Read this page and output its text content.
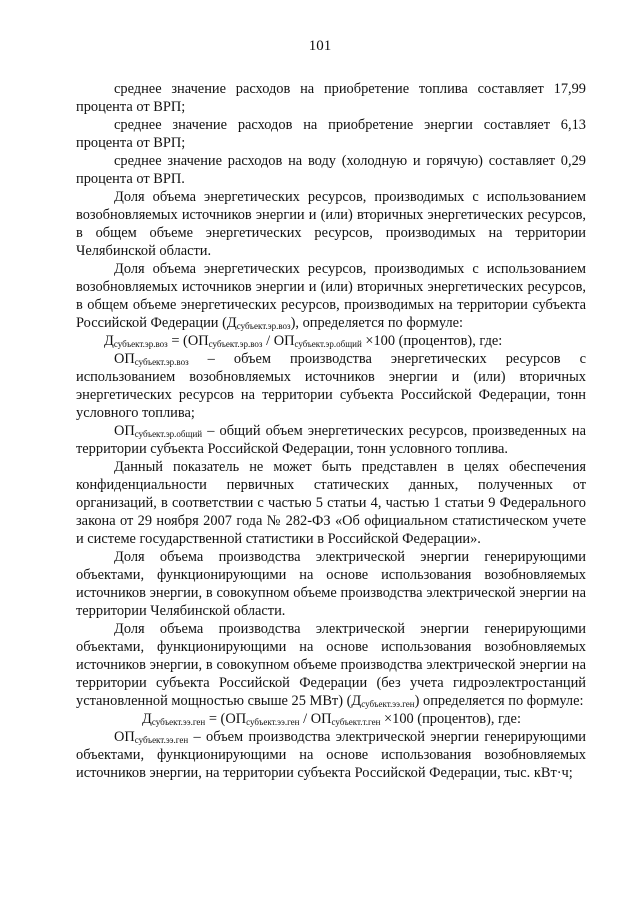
101

среднее значение расходов на приобретение топлива составляет 17,99 процента от ВРП;

среднее значение расходов на приобретение энергии составляет 6,13 процента от ВРП;

среднее значение расходов на воду (холодную и горячую) составляет 0,29 процента от ВРП.

Доля объема энергетических ресурсов, производимых с использованием возобновляемых источников энергии и (или) вторичных энергетических ресурсов, в общем объеме энергетических ресурсов, производимых на территории Челябинской области.

Доля объема энергетических ресурсов, производимых с использованием возобновляемых источников энергии и (или) вторичных энергетических ресурсов, в общем объеме энергетических ресурсов, производимых на территории субъекта Российской Федерации $(Д_{субъект.эр.воз})$, определяется по формуле:

$Д_{субъект.эр.воз} = (ОП_{субъект.эр.воз} / ОП_{субъект.эр.общий} \times 100$ (процентов), где:

$ОП_{субъект.эр.воз}$ – объем производства энергетических ресурсов с использованием возобновляемых источников энергии и (или) вторичных энергетических ресурсов на территории субъекта Российской Федерации, тонн условного топлива;

$ОП_{субъект.эр.общий}$ – общий объем энергетических ресурсов, произведенных на территории субъекта Российской Федерации, тонн условного топлива.

Данный показатель не может быть представлен в целях обеспечения конфиденциальности первичных статических данных, полученных от организаций, в соответствии с частью 5 статьи 4, частью 1 статьи 9 Федерального закона от 29 ноября 2007 года № 282-ФЗ «Об официальном статистическом учете и системе государственной статистики в Российской Федерации».

Доля объема производства электрической энергии генерирующими объектами, функционирующими на основе использования возобновляемых источников энергии, в совокупном объеме производства электрической энергии на территории Челябинской области.

Доля объема производства электрической энергии генерирующими объектами, функционирующими на основе использования возобновляемых источников энергии, в совокупном объеме производства электрической энергии на территории субъекта Российской Федерации (без учета гидроэлектростанций установленной мощностью свыше 25 МВт) $(Д_{субъект.ээ.ген})$ определяется по формуле:

$Д_{субъект.ээ.ген} = (ОП_{субъект.ээ.ген} / ОП_{субъект.т.ген} \times 100$ (процентов), где:

$ОП_{субъект.ээ.ген}$ – объем производства электрической энергии генерирующими объектами, функционирующими на основе использования возобновляемых источников энергии, на территории субъекта Российской Федерации, тыс. кВт·ч;
